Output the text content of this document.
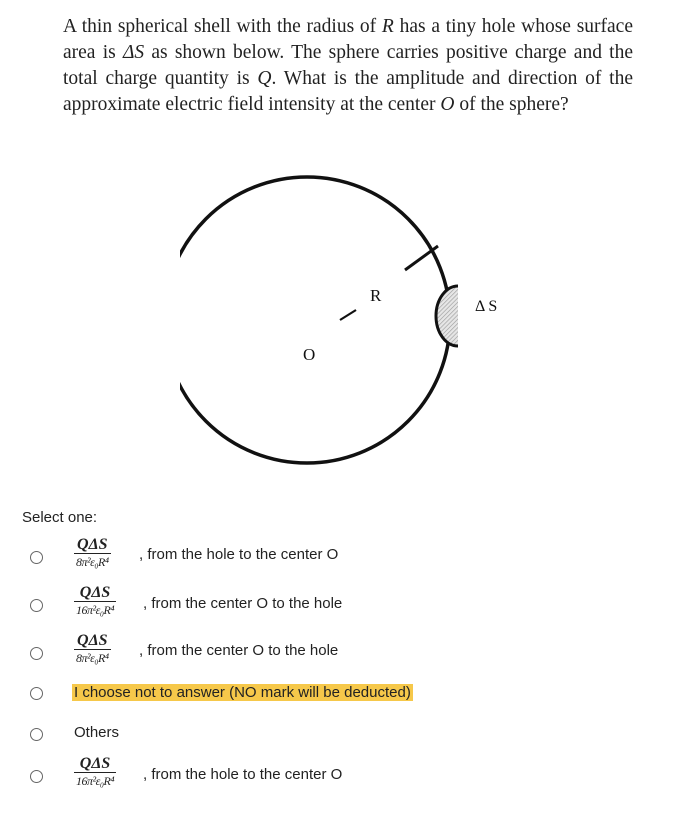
A thin spherical shell with the radius of R has a tiny hole whose surface area is ΔS as shown below. The sphere carries positive charge and the total charge quantity is Q. What is the amplitude and direction of the approximate electric field intensity at the center O of the sphere?
R
O
Δ S
Select one:
QΔS
8π²ε₀R⁴ , from the hole to the center O
QΔS
16π²ε₀R⁴ , from the center O to the hole
QΔS
8π²ε₀R⁴ , from the center O to the hole
I choose not to answer (NO mark will be deducted)
Others
QΔS
16π²ε₀R⁴ , from the hole to the center O
